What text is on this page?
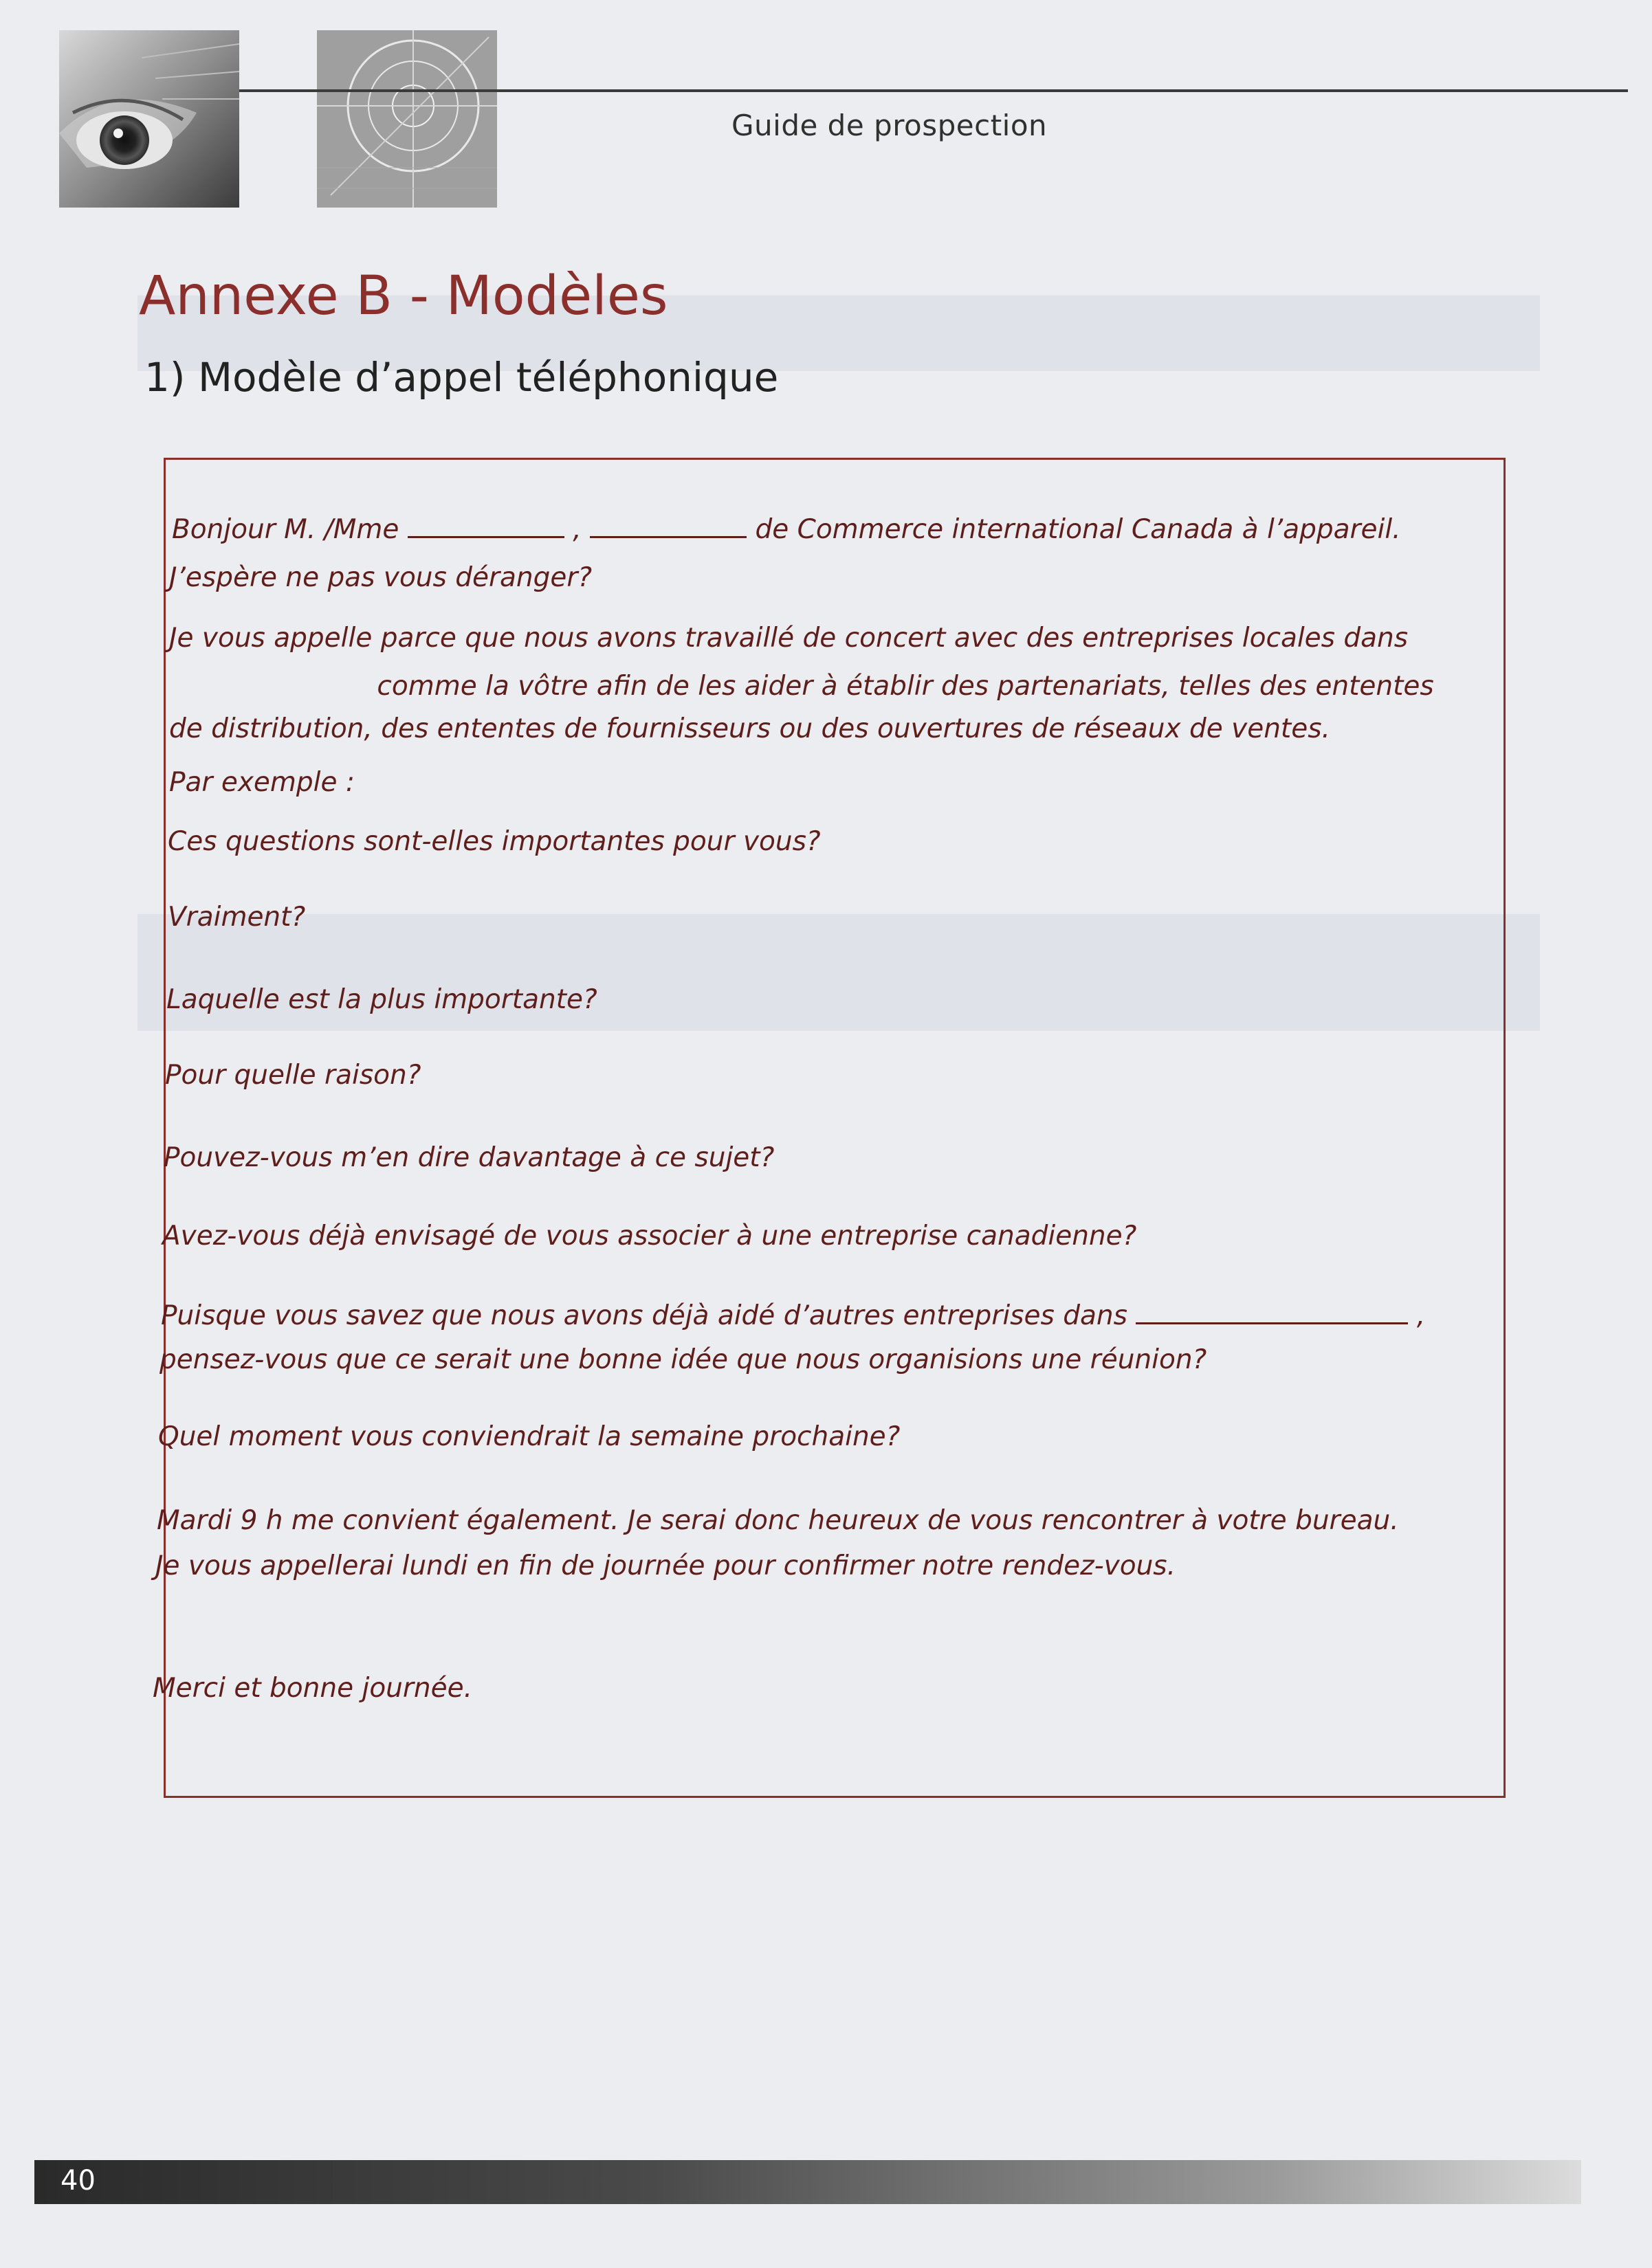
Guide de prospection
Annexe B - Modèles
1) Modèle d’appel téléphonique
Bonjour M. /Mme	,	de Commerce international Canada à l’appareil.
J’espère ne pas vous déranger?
Je vous appelle parce que nous avons travaillé de concert avec des entreprises locales dans
comme la vôtre afin de les aider à établir des partenariats, telles des ententes
de distribution, des ententes de fournisseurs ou des ouvertures de réseaux de ventes.
Par exemple :
Ces questions sont-elles importantes pour vous?
Vraiment?
Laquelle est la plus importante?
Pour quelle raison?
Pouvez-vous m’en dire davantage à ce sujet?
Avez-vous déjà envisagé de vous associer à une entreprise canadienne?
Puisque vous savez que nous avons déjà aidé d’autres entreprises dans	,
pensez-vous que ce serait une bonne idée que nous organisions une réunion?
Quel moment vous conviendrait la semaine prochaine?
Mardi 9 h me convient également. Je serai donc heureux de vous rencontrer à votre bureau.
Je vous appellerai lundi en fin de journée pour confirmer notre rendez-vous.
Merci et bonne journée.
40
